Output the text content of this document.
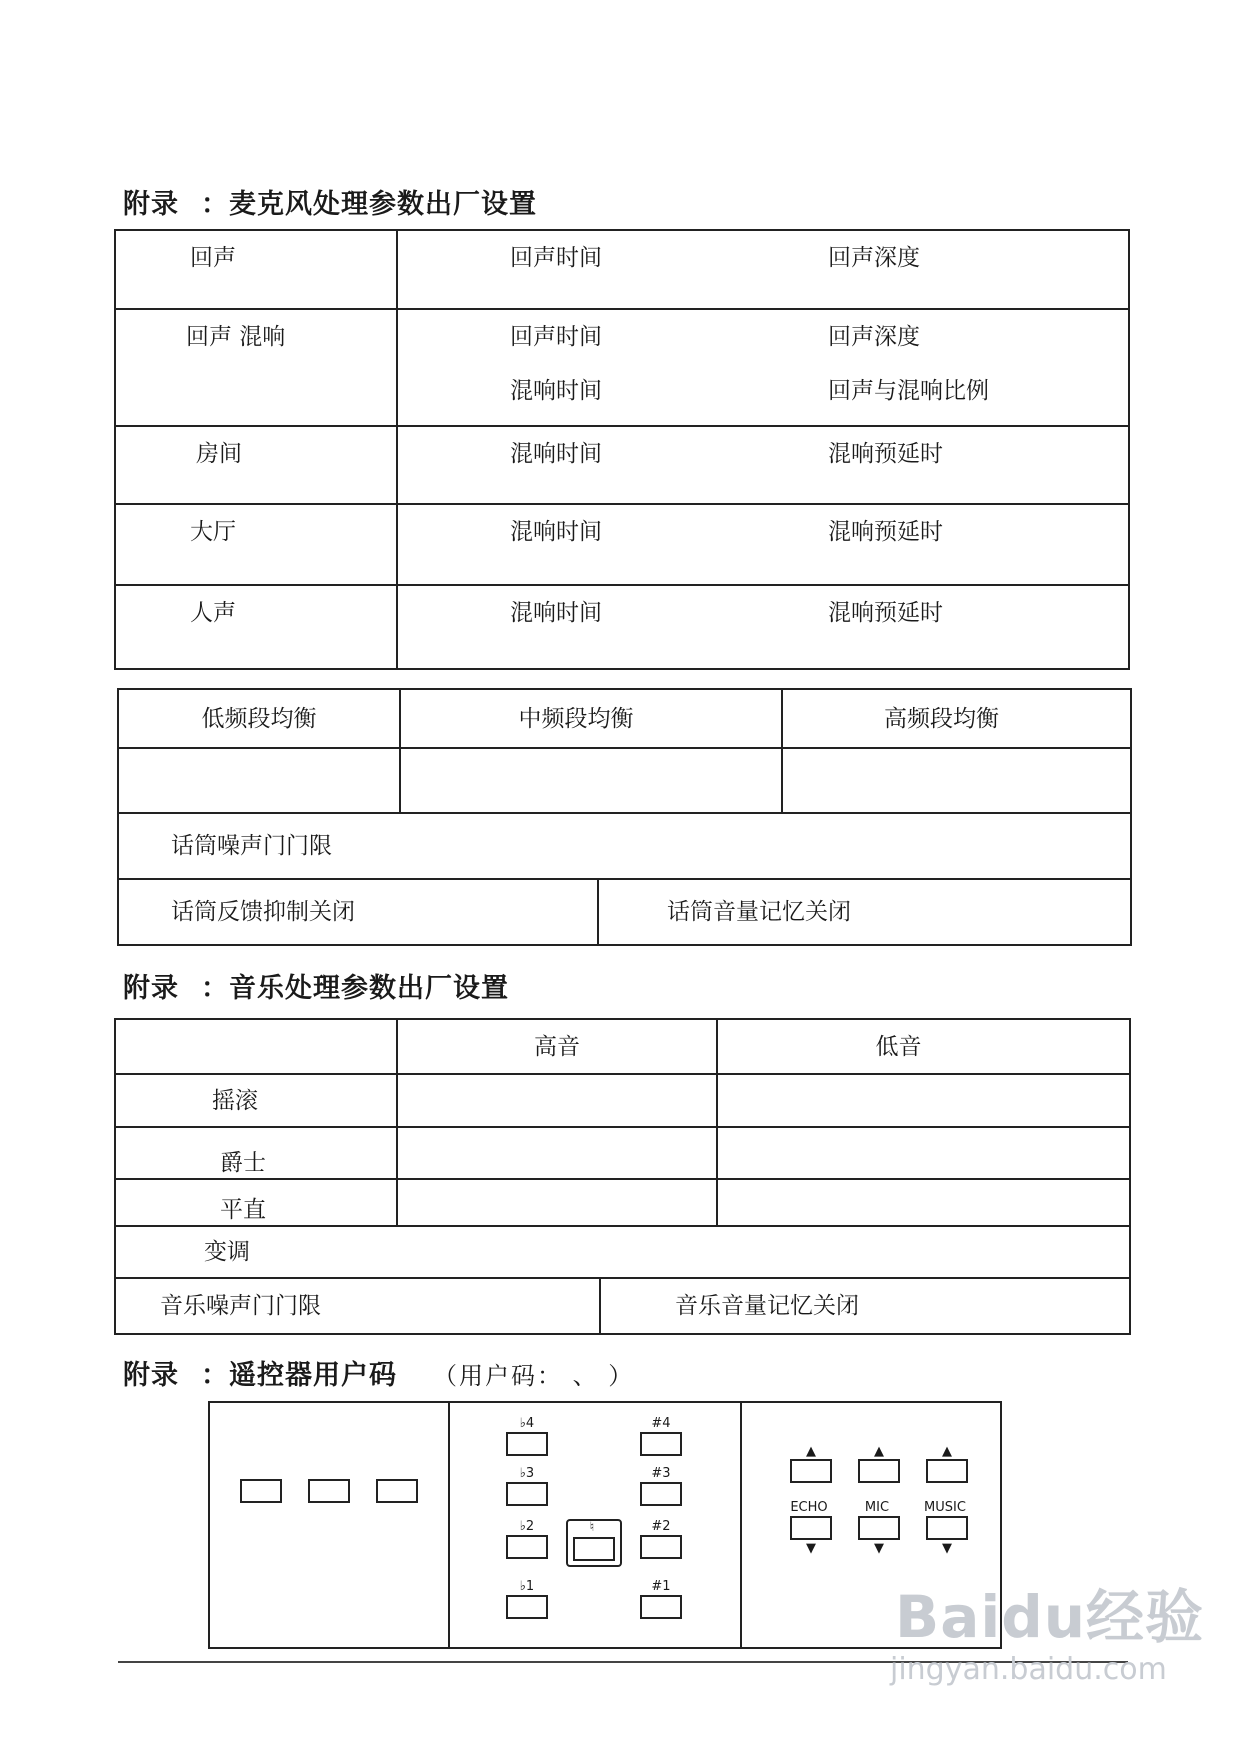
附录 ：麦克风处理参数出厂设置
回声	回声时间 回声深度

回声 混响	回声时间 回声深度
混响时间 回声与混响比例

房间	混响时间 混响预延时

大厅	混响时间 混响预延时

人声	混响时间 混响预延时
低频段均衡	中频段均衡	高频段均衡

话筒噪声门门限
话筒反馈抑制关闭	话筒音量记忆关闭
附录 ：音乐处理参数出厂设置
	高音	低音
摇滚		
爵士		
平直		
变调		
音乐噪声门门限	音乐音量记忆关闭
附录 ：遥控器用户码 （用户码： 、 ）
♭4	#4
♭3	#3
♭2	#2
♮
♭1	#1
▲	▲	▲
ECHO	MIC	MUSIC
▼	▼	▼
Baidu经验
jingyan.baidu.com
